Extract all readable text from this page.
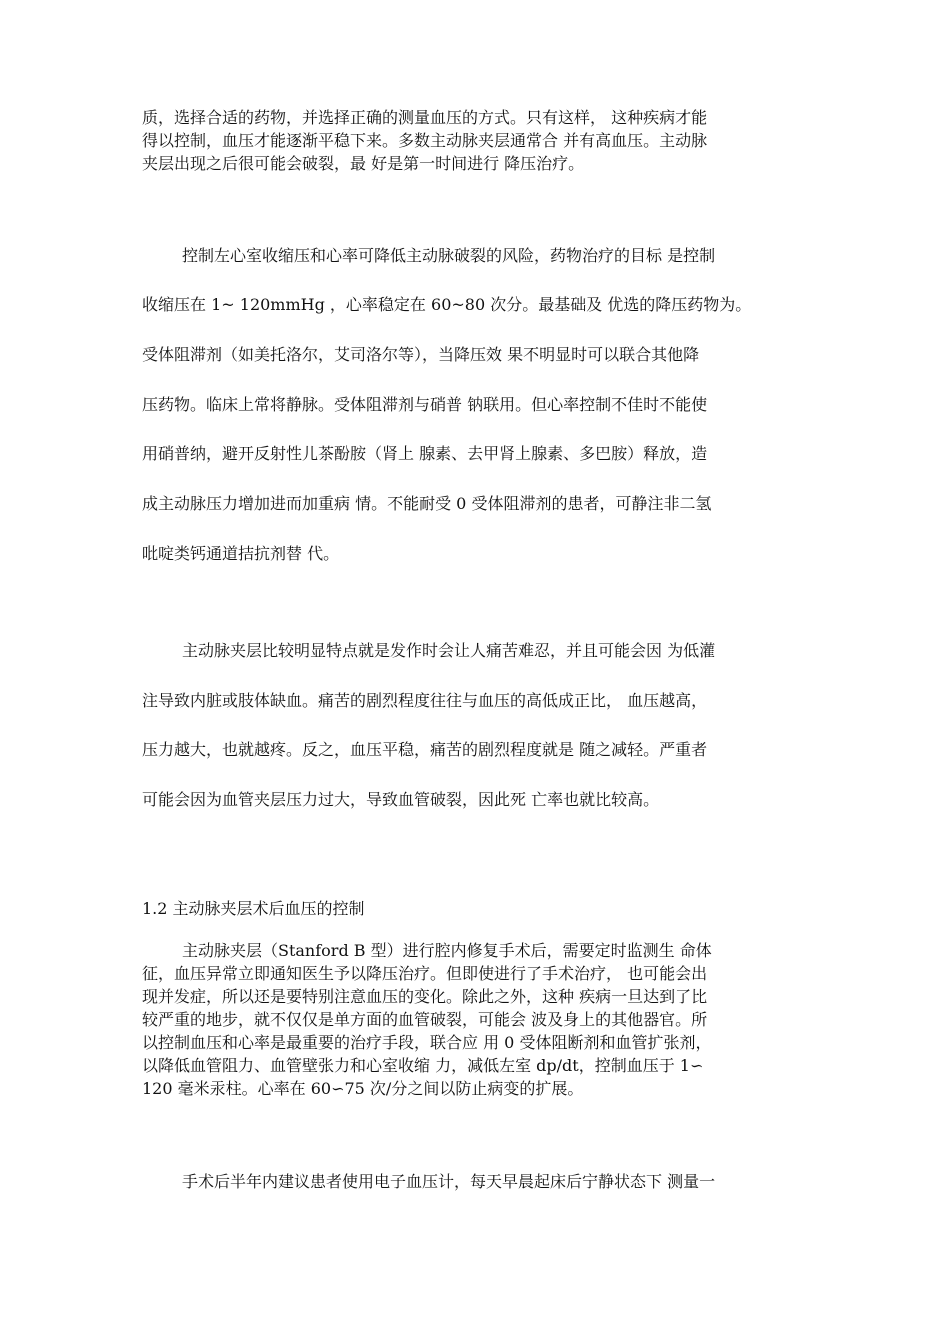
质，选择合适的药物，并选择正确的测量血压的方式。只有这样， 这种疾病才能
得以控制，血压才能逐渐平稳下来。多数主动脉夹层通常合 并有高血压。主动脉
夹层出现之后很可能会破裂，最 好是第一时间进行 降压治疗。
控制左心室收缩压和心率可降低主动脉破裂的风险，药物治疗的目标 是控制
收缩压在 1~ 120mmHg ，心率稳定在 60~80 次分。最基础及 优选的降压药物为。
受体阻滞剂（如美托洛尔，艾司洛尔等），当降压效 果不明显时可以联合其他降
压药物。临床上常将静脉。受体阻滞剂与硝普 钠联用。但心率控制不佳时不能使
用硝普纳，避开反射性儿茶酚胺（肾上 腺素、去甲肾上腺素、多巴胺）释放，造
成主动脉压力增加进而加重病 情。不能耐受 0 受体阻滞剂的患者，可静注非二氢
吡啶类钙通道拮抗剂替 代。
主动脉夹层比较明显特点就是发作时会让人痛苦难忍，并且可能会因 为低灌
注导致内脏或肢体缺血。痛苦的剧烈程度往往与血压的高低成正比， 血压越高，
压力越大，也就越疼。反之，血压平稳，痛苦的剧烈程度就是 随之减轻。严重者
可能会因为血管夹层压力过大，导致血管破裂，因此死 亡率也就比较高。
1.2 主动脉夹层术后血压的控制
主动脉夹层（Stanford B 型）进行腔内修复手术后，需要定时监测生 命体
征，血压异常立即通知医生予以降压治疗。但即使进行了手术治疗， 也可能会出
现并发症，所以还是要特别注意血压的变化。除此之外，这种 疾病一旦达到了比
较严重的地步，就不仅仅是单方面的血管破裂，可能会 波及身上的其他器官。所
以控制血压和心率是最重要的治疗手段，联合应 用 0 受体阻断剂和血管扩张剂，
以降低血管阻力、血管壁张力和心室收缩 力，减低左室 dp/dt，控制血压于 1∽
120 毫米汞柱。心率在 60∽75 次/分之间以防止病变的扩展。
手术后半年内建议患者使用电子血压计，每天早晨起床后宁静状态下 测量一
